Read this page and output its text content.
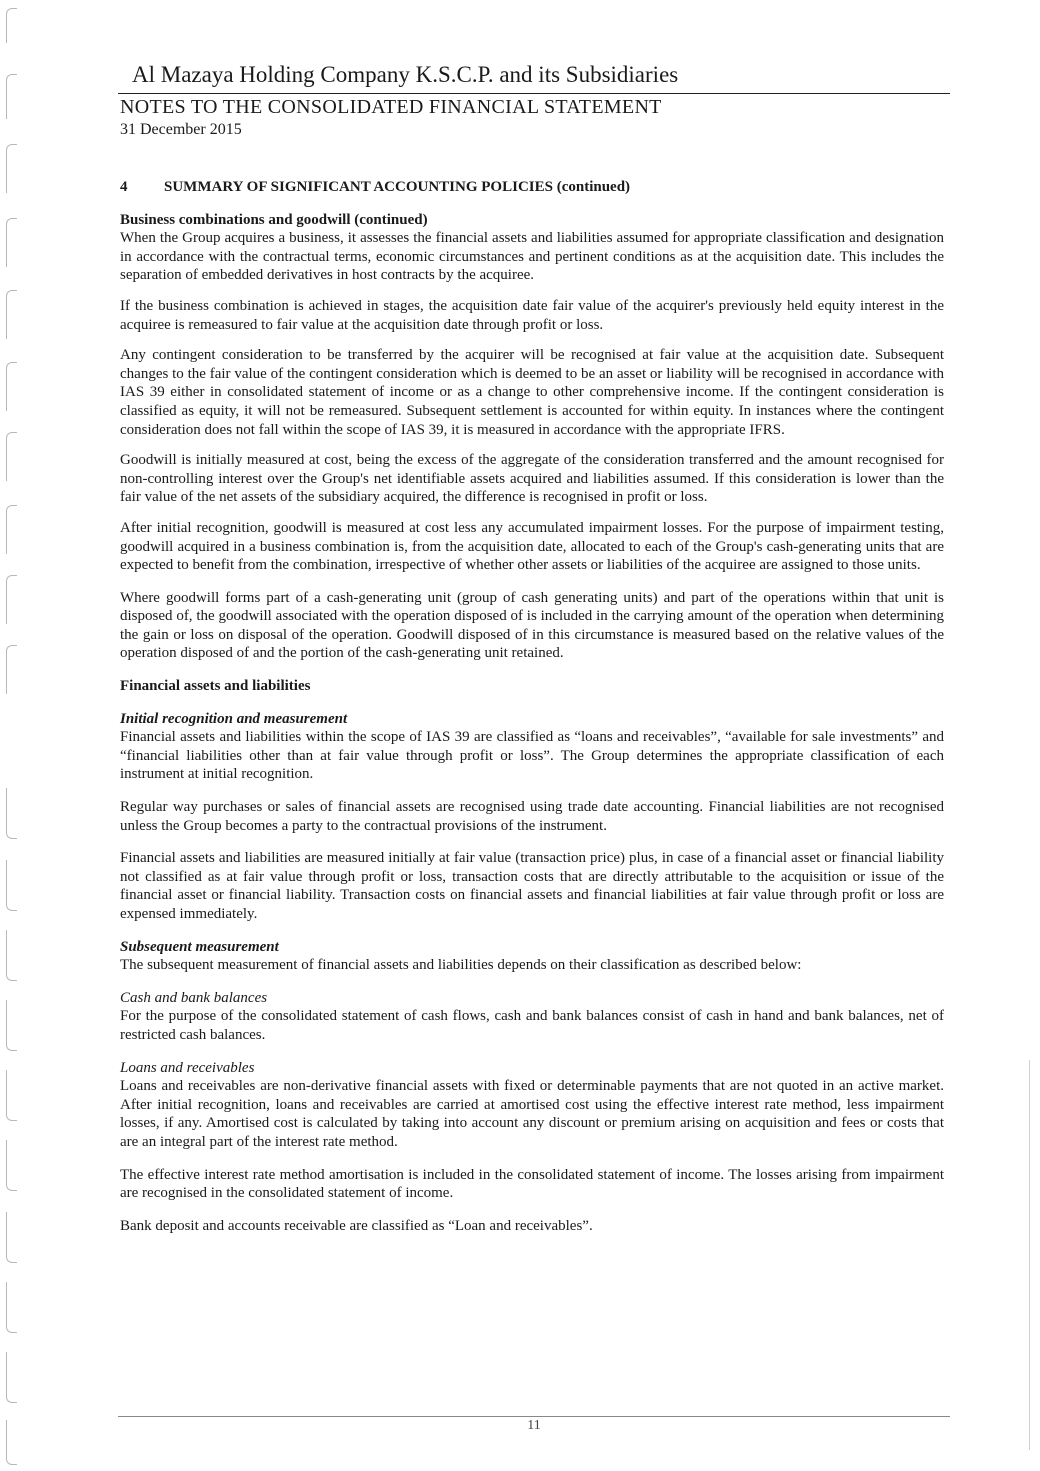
Al Mazaya Holding Company K.S.C.P. and its Subsidiaries
NOTES TO THE CONSOLIDATED FINANCIAL STATEMENT
31 December 2015
4 SUMMARY OF SIGNIFICANT ACCOUNTING POLICIES (continued)
Business combinations and goodwill (continued)

When the Group acquires a business, it assesses the financial assets and liabilities assumed for appropriate classification and designation in accordance with the contractual terms, economic circumstances and pertinent conditions as at the acquisition date. This includes the separation of embedded derivatives in host contracts by the acquiree.

If the business combination is achieved in stages, the acquisition date fair value of the acquirer's previously held equity interest in the acquiree is remeasured to fair value at the acquisition date through profit or loss.

Any contingent consideration to be transferred by the acquirer will be recognised at fair value at the acquisition date. Subsequent changes to the fair value of the contingent consideration which is deemed to be an asset or liability will be recognised in accordance with IAS 39 either in consolidated statement of income or as a change to other comprehensive income. If the contingent consideration is classified as equity, it will not be remeasured. Subsequent settlement is accounted for within equity. In instances where the contingent consideration does not fall within the scope of IAS 39, it is measured in accordance with the appropriate IFRS.

Goodwill is initially measured at cost, being the excess of the aggregate of the consideration transferred and the amount recognised for non-controlling interest over the Group's net identifiable assets acquired and liabilities assumed. If this consideration is lower than the fair value of the net assets of the subsidiary acquired, the difference is recognised in profit or loss.

After initial recognition, goodwill is measured at cost less any accumulated impairment losses. For the purpose of impairment testing, goodwill acquired in a business combination is, from the acquisition date, allocated to each of the Group's cash-generating units that are expected to benefit from the combination, irrespective of whether other assets or liabilities of the acquiree are assigned to those units.

Where goodwill forms part of a cash-generating unit (group of cash generating units) and part of the operations within that unit is disposed of, the goodwill associated with the operation disposed of is included in the carrying amount of the operation when determining the gain or loss on disposal of the operation. Goodwill disposed of in this circumstance is measured based on the relative values of the operation disposed of and the portion of the cash-generating unit retained.

Financial assets and liabilities

Initial recognition and measurement

Financial assets and liabilities within the scope of IAS 39 are classified as “loans and receivables”, “available for sale investments” and “financial liabilities other than at fair value through profit or loss”. The Group determines the appropriate classification of each instrument at initial recognition.

Regular way purchases or sales of financial assets are recognised using trade date accounting. Financial liabilities are not recognised unless the Group becomes a party to the contractual provisions of the instrument.

Financial assets and liabilities are measured initially at fair value (transaction price) plus, in case of a financial asset or financial liability not classified as at fair value through profit or loss, transaction costs that are directly attributable to the acquisition or issue of the financial asset or financial liability. Transaction costs on financial assets and financial liabilities at fair value through profit or loss are expensed immediately.

Subsequent measurement

The subsequent measurement of financial assets and liabilities depends on their classification as described below:

Cash and bank balances

For the purpose of the consolidated statement of cash flows, cash and bank balances consist of cash in hand and bank balances, net of restricted cash balances.

Loans and receivables

Loans and receivables are non-derivative financial assets with fixed or determinable payments that are not quoted in an active market. After initial recognition, loans and receivables are carried at amortised cost using the effective interest rate method, less impairment losses, if any. Amortised cost is calculated by taking into account any discount or premium arising on acquisition and fees or costs that are an integral part of the interest rate method.

The effective interest rate method amortisation is included in the consolidated statement of income. The losses arising from impairment are recognised in the consolidated statement of income.

Bank deposit and accounts receivable are classified as “Loan and receivables”.

11
